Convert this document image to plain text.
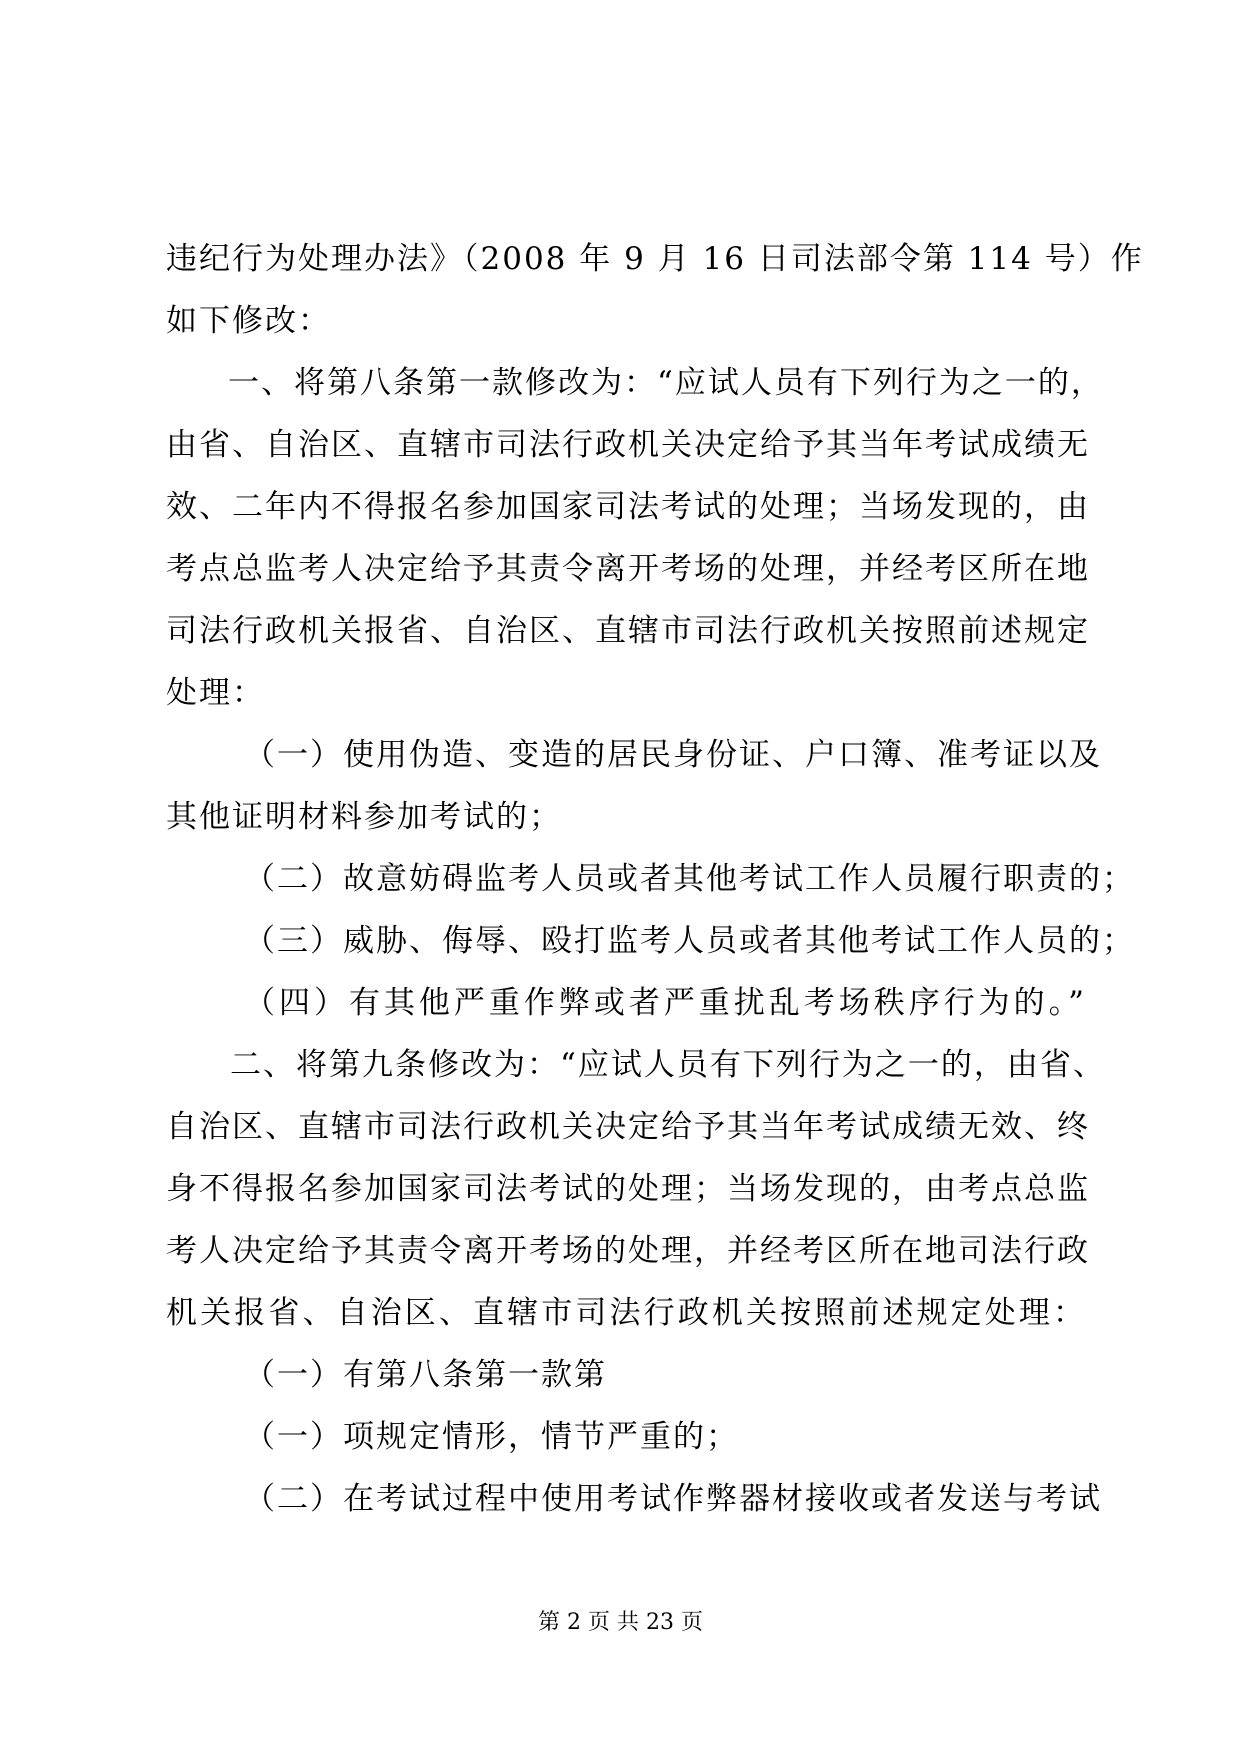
违纪行为处理办法》（2008 年 9 月 16 日司法部令第 114 号）作
如下修改：
一、将第八条第一款修改为：“应试人员有下列行为之一的，
由省、自治区、直辖市司法行政机关决定给予其当年考试成绩无
效、二年内不得报名参加国家司法考试的处理；当场发现的，由
考点总监考人决定给予其责令离开考场的处理，并经考区所在地
司法行政机关报省、自治区、直辖市司法行政机关按照前述规定
处理：
（一）使用伪造、变造的居民身份证、户口簿、准考证以及
其他证明材料参加考试的；
（二）故意妨碍监考人员或者其他考试工作人员履行职责的；
（三）威胁、侮辱、殴打监考人员或者其他考试工作人员的；
（四）有其他严重作弊或者严重扰乱考场秩序行为的。”
二、将第九条修改为：“应试人员有下列行为之一的，由省、
自治区、直辖市司法行政机关决定给予其当年考试成绩无效、终
身不得报名参加国家司法考试的处理；当场发现的，由考点总监
考人决定给予其责令离开考场的处理，并经考区所在地司法行政
机关报省、自治区、直辖市司法行政机关按照前述规定处理：
（一）有第八条第一款第
（一）项规定情形，情节严重的；
（二）在考试过程中使用考试作弊器材接收或者发送与考试
第 2 页 共 23 页
